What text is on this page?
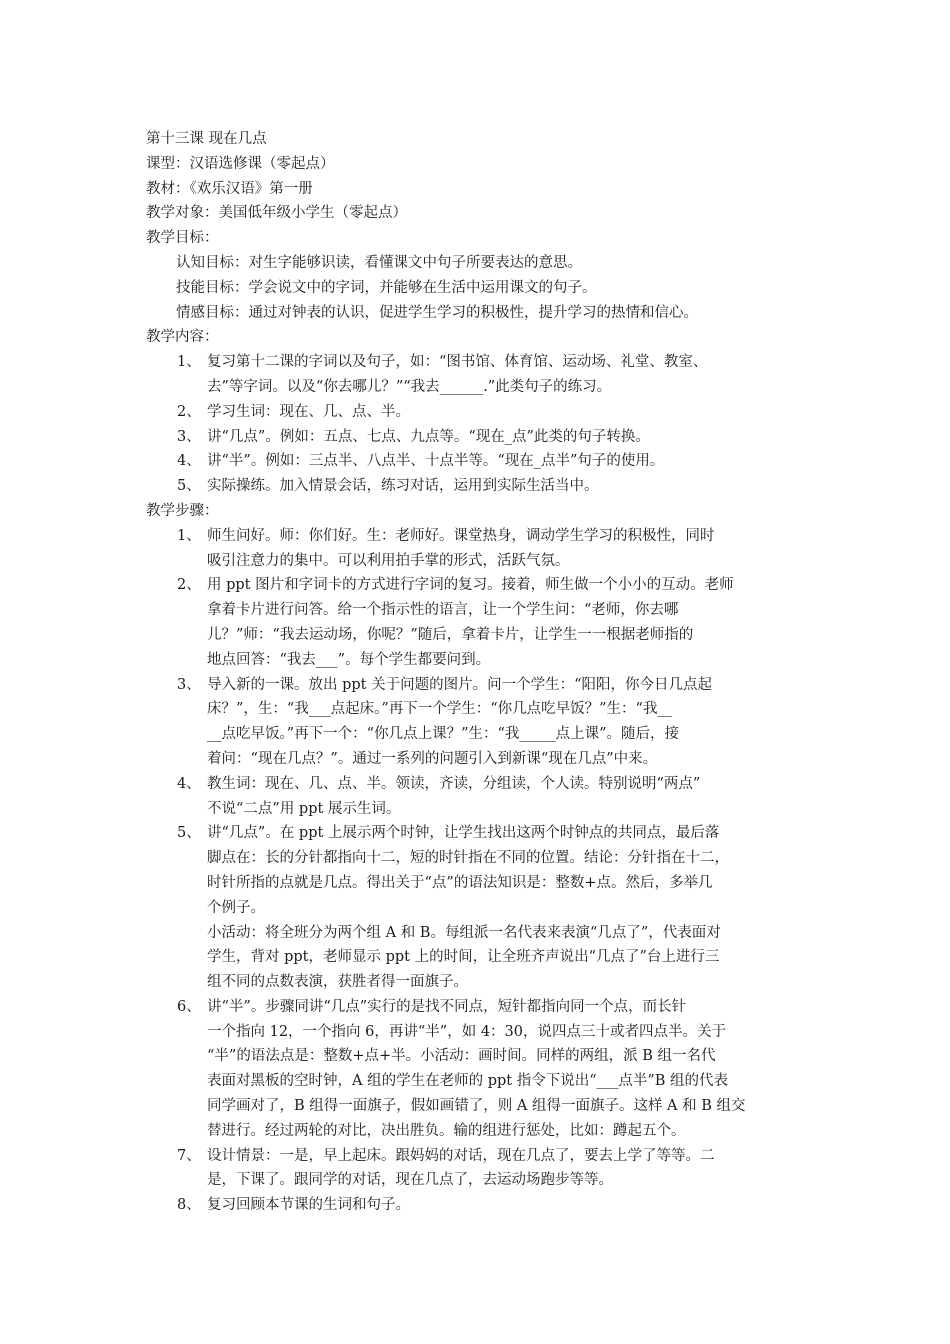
第十三课 现在几点
课型：汉语选修课（零起点）
教材：《欢乐汉语》第一册
教学对象：美国低年级小学生（零起点）
教学目标：
认知目标：对生字能够识读，看懂课文中句子所要表达的意思。
技能目标：学会说文中的字词，并能够在生活中运用课文的句子。
情感目标：通过对钟表的认识，促进学生学习的积极性，提升学习的热情和信心。
教学内容：
1、 复习第十二课的字词以及句子，如：“图书馆、体育馆、运动场、礼堂、教室、
去”等字词。以及“你去哪儿？”“我去______.”此类句子的练习。
2、 学习生词：现在、几、点、半。
3、 讲“几点”。例如：五点、七点、九点等。“现在_点”此类的句子转换。
4、 讲“半”。例如：三点半、八点半、十点半等。“现在_点半”句子的使用。
5、 实际操练。加入情景会话，练习对话，运用到实际生活当中。
教学步骤：
1、 师生问好。师：你们好。生：老师好。课堂热身，调动学生学习的积极性，同时
吸引注意力的集中。可以利用拍手掌的形式，活跃气氛。
2、 用 ppt 图片和字词卡的方式进行字词的复习。接着，师生做一个小小的互动。老师
拿着卡片进行问答。给一个指示性的语言，让一个学生问：“老师，你去哪
儿？”师：“我去运动场，你呢？”随后，拿着卡片，让学生一一根据老师指的
地点回答：“我去___”。每个学生都要问到。
3、 导入新的一课。放出 ppt 关于问题的图片。问一个学生：“阳阳，你今日几点起
床？”，生：“我___点起床。”再下一个学生：“你几点吃早饭？”生：“我__
__点吃早饭。”再下一个：“你几点上课？”生：“我_____点上课”。随后，接
着问：“现在几点？”。通过一系列的问题引入到新课“现在几点”中来。
4、 教生词：现在、几、点、半。领读，齐读，分组读，个人读。特别说明“两点”
不说“二点”用 ppt 展示生词。
5、 讲“几点”。在 ppt 上展示两个时钟，让学生找出这两个时钟点的共同点，最后落
脚点在：长的分针都指向十二，短的时针指在不同的位置。结论：分针指在十二，
时针所指的点就是几点。得出关于“点”的语法知识是：整数+点。然后，多举几
个例子。
小活动：将全班分为两个组 A 和 B。每组派一名代表来表演“几点了”，代表面对
学生，背对 ppt，老师显示 ppt 上的时间，让全班齐声说出“几点了”台上进行三
组不同的点数表演，获胜者得一面旗子。
6、 讲“半”。步骤同讲“几点”实行的是找不同点，短针都指向同一个点，而长针
一个指向 12，一个指向 6，再讲“半”，如 4：30，说四点三十或者四点半。关于
“半”的语法点是：整数+点+半。小活动：画时间。同样的两组，派 B 组一名代
表面对黑板的空时钟，A 组的学生在老师的 ppt 指令下说出“___点半”B 组的代表
同学画对了，B 组得一面旗子，假如画错了，则 A 组得一面旗子。这样 A 和 B 组交
替进行。经过两轮的对比，决出胜负。输的组进行惩处，比如：蹲起五个。
7、 设计情景：一是，早上起床。跟妈妈的对话，现在几点了，要去上学了等等。二
是，下课了。跟同学的对话，现在几点了，去运动场跑步等等。
8、 复习回顾本节课的生词和句子。
